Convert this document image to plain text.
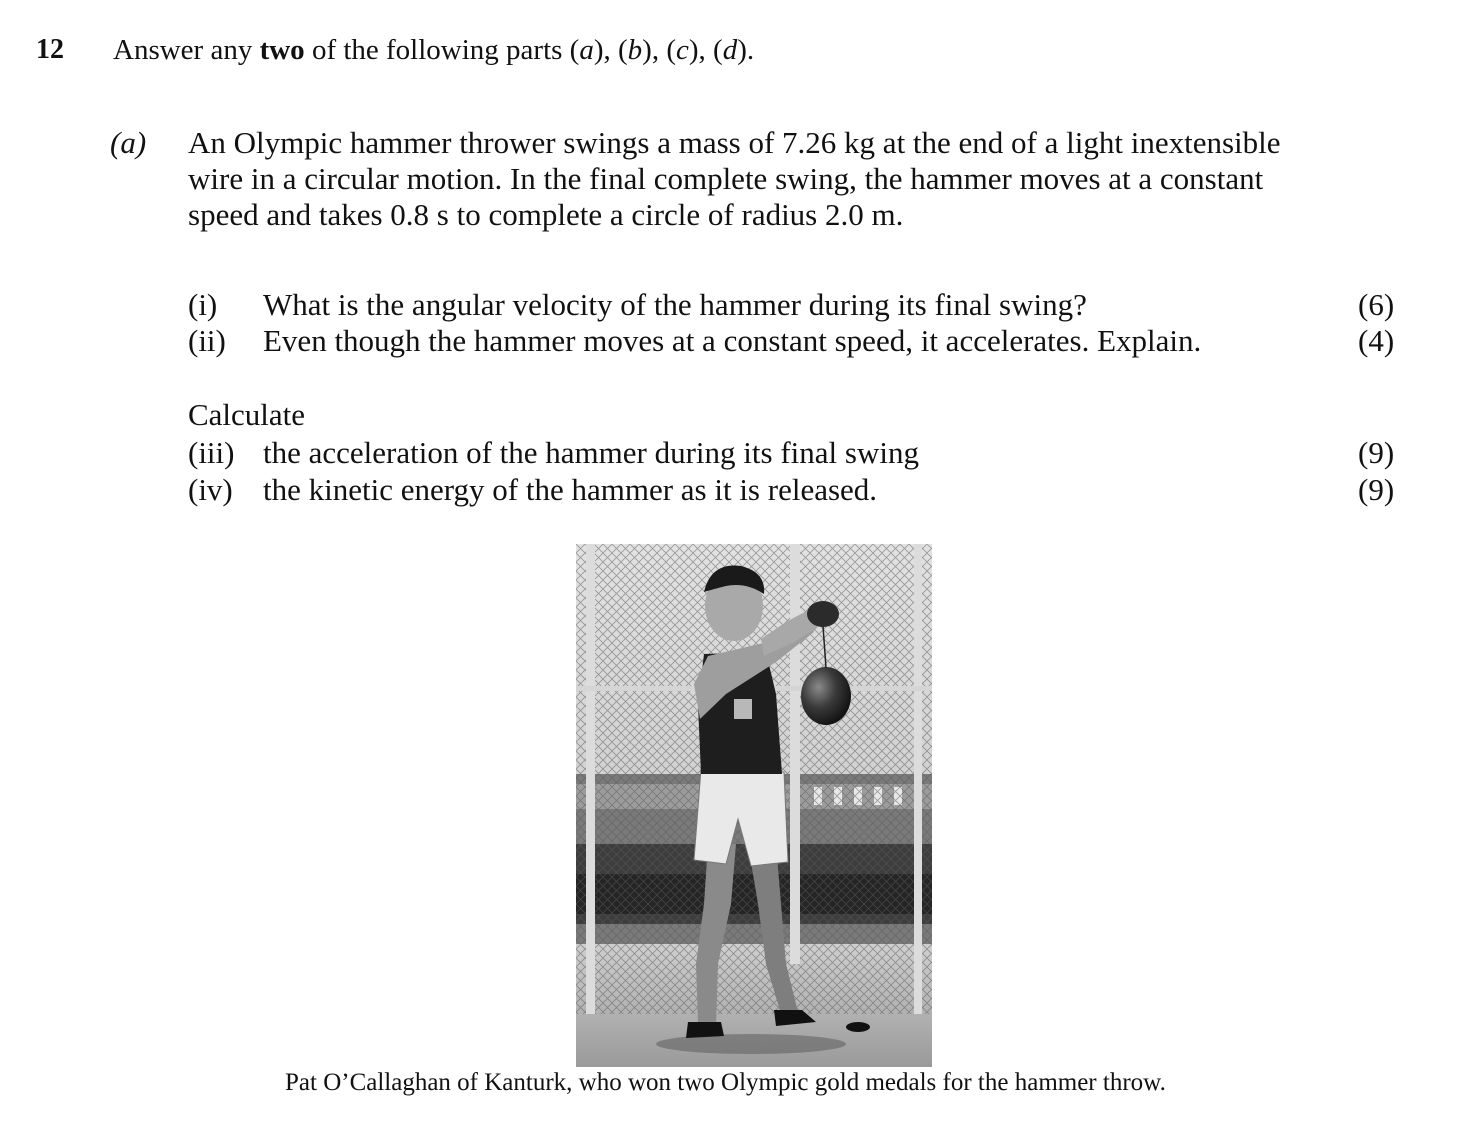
12 Answer any two of the following parts (a), (b), (c), (d).
(a) An Olympic hammer thrower swings a mass of 7.26 kg at the end of a light inextensible
wire in a circular motion. In the final complete swing, the hammer moves at a constant
speed and takes 0.8 s to complete a circle of radius 2.0 m.
(i) What is the angular velocity of the hammer during its final swing?	(6)
(ii) Even though the hammer moves at a constant speed, it accelerates. Explain.	(4)
Calculate
(iii) the acceleration of the hammer during its final swing	(9)
(iv) the kinetic energy of the hammer as it is released.	(9)
Pat O’Callaghan of Kanturk, who won two Olympic gold medals for the hammer throw.
